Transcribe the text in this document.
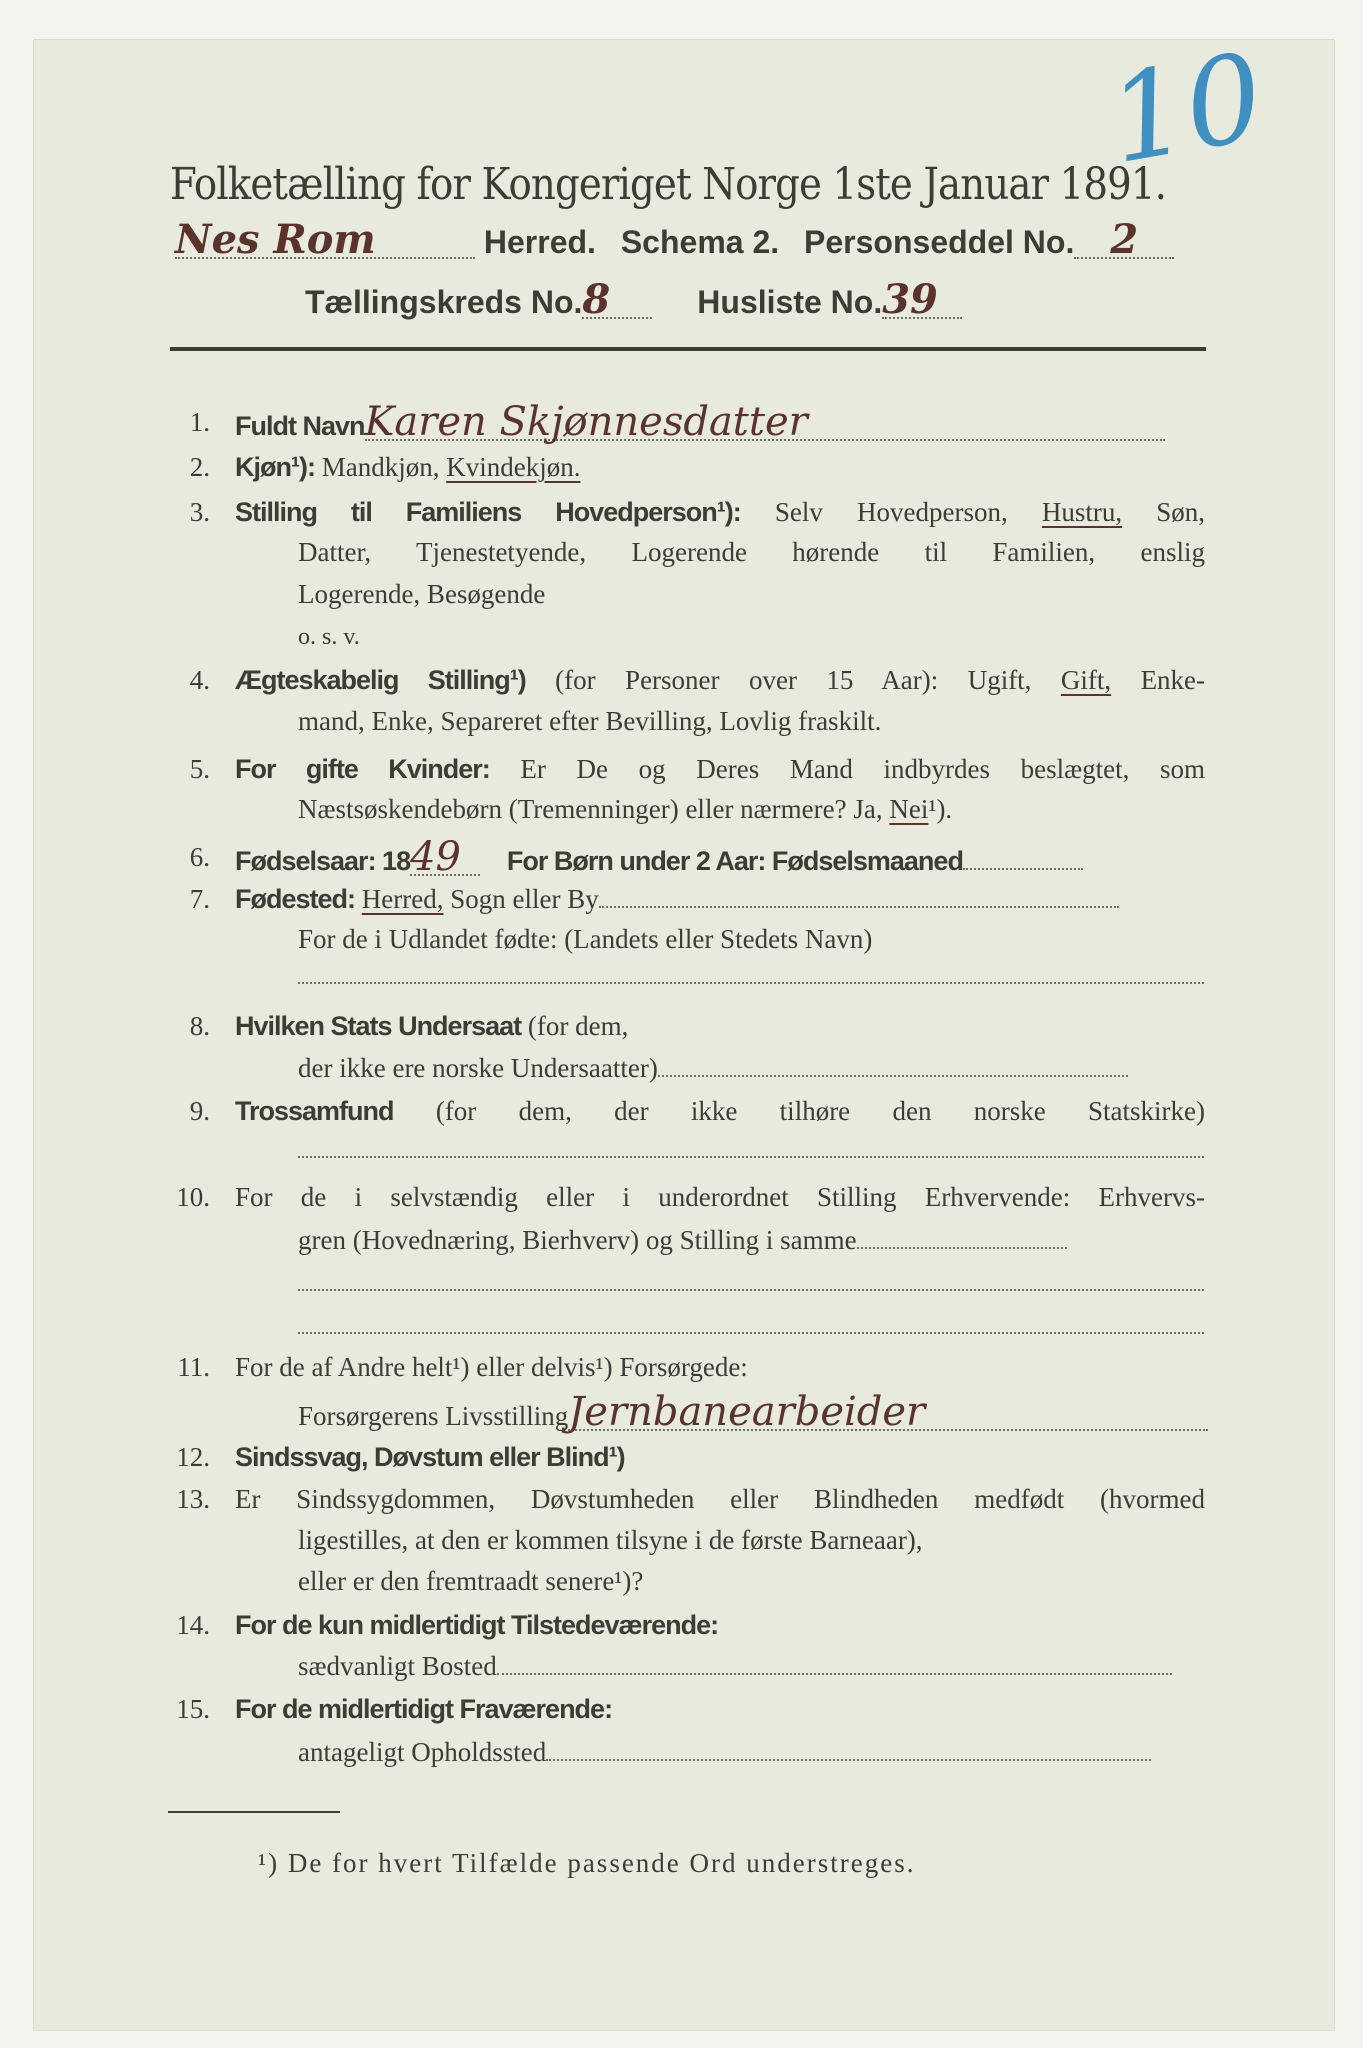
Folketælling for Kongeriget Norge 1ste Januar 1891.
10
Nes Rom	Herred. Schema 2. Personseddel No. 2
Tællingskreds No.8	Husliste No.39
1. Fuldt NavnKaren Skjønnesdatter
2. Kjøn¹): Mandkjøn, Kvindekjøn.
3. Stilling til Familiens Hovedperson¹): Selv Hovedperson, Hustru, Søn,
Datter, Tjenestetyende, Logerende hørende til Familien, enslig
Logerende, Besøgende
o. s. v.
4. Ægteskabelig Stilling¹) (for Personer over 15 Aar): Ugift, Gift, Enke-
mand, Enke, Separeret efter Bevilling, Lovlig fraskilt.
5. For gifte Kvinder: Er De og Deres Mand indbyrdes beslægtet, som
Næstsøskendebørn (Tremenninger) eller nærmere? Ja, Nei¹).
6. Fødselsaar: 1849 For Børn under 2 Aar: Fødselsmaaned
7. Fødested: Herred, Sogn eller By
For de i Udlandet fødte: (Landets eller Stedets Navn)
8. Hvilken Stats Undersaat (for dem,
der ikke ere norske Undersaatter)
9. Trossamfund (for dem, der ikke tilhøre den norske Statskirke)
10. For de i selvstændig eller i underordnet Stilling Erhvervende: Erhvervs-
gren (Hovednæring, Bierhverv) og Stilling i samme
11. For de af Andre helt¹) eller delvis¹) Forsørgede:
Forsørgerens LivsstillingJernbanearbeider
12. Sindssvag, Døvstum eller Blind¹)
13. Er Sindssygdommen, Døvstumheden eller Blindheden medfødt (hvormed
ligestilles, at den er kommen tilsyne i de første Barneaar),
eller er den fremtraadt senere¹)?
14. For de kun midlertidigt Tilstedeværende:
sædvanligt Bosted
15. For de midlertidigt Fraværende:
antageligt Opholdssted
¹) De for hvert Tilfælde passende Ord understreges.
